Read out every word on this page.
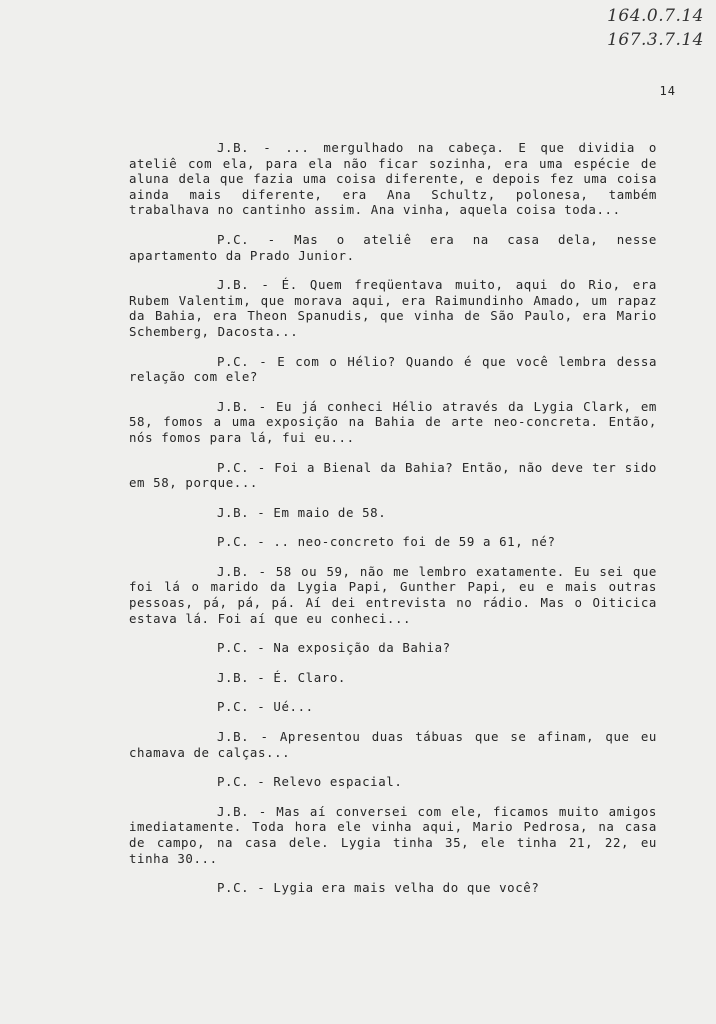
164.0.7.14
167.3.7.14
14

J.B. - ... mergulhado na cabeça. E que dividia o ateliê com ela, para ela não ficar sozinha, era uma espécie de aluna dela que fazia uma coisa diferente, e depois fez uma coisa ainda mais diferente, era Ana Schultz, polonesa, também trabalhava no cantinho assim. Ana vinha, aquela coisa toda...

P.C. - Mas o ateliê era na casa dela, nesse apartamento da Prado Junior.

J.B. - É. Quem freqüentava muito, aqui do Rio, era Rubem Valentim, que morava aqui, era Raimundinho Amado, um rapaz da Bahia, era Theon Spanudis, que vinha de São Paulo, era Mario Schemberg, Dacosta...

P.C. - E com o Hélio? Quando é que você lembra dessa relação com ele?

J.B. - Eu já conheci Hélio através da Lygia Clark, em 58, fomos a uma exposição na Bahia de arte neo-concreta. Então, nós fomos para lá, fui eu...

P.C. - Foi a Bienal da Bahia? Então, não deve ter sido em 58, porque...

J.B. - Em maio de 58.

P.C. - .. neo-concreto foi de 59 a 61, né?

J.B. - 58 ou 59, não me lembro exatamente. Eu sei que foi lá o marido da Lygia Papi, Gunther Papi, eu e mais outras pessoas, pá, pá, pá. Aí dei entrevista no rádio. Mas o Oiticica estava lá. Foi aí que eu conheci...

P.C. - Na exposição da Bahia?

J.B. - É. Claro.

P.C. - Ué...

J.B. - Apresentou duas tábuas que se afinam, que eu chamava de calças...

P.C. - Relevo espacial.

J.B. - Mas aí conversei com ele, ficamos muito amigos imediatamente. Toda hora ele vinha aqui, Mario Pedrosa, na casa de campo, na casa dele. Lygia tinha 35, ele tinha 21, 22, eu tinha 30...

P.C. - Lygia era mais velha do que você?
